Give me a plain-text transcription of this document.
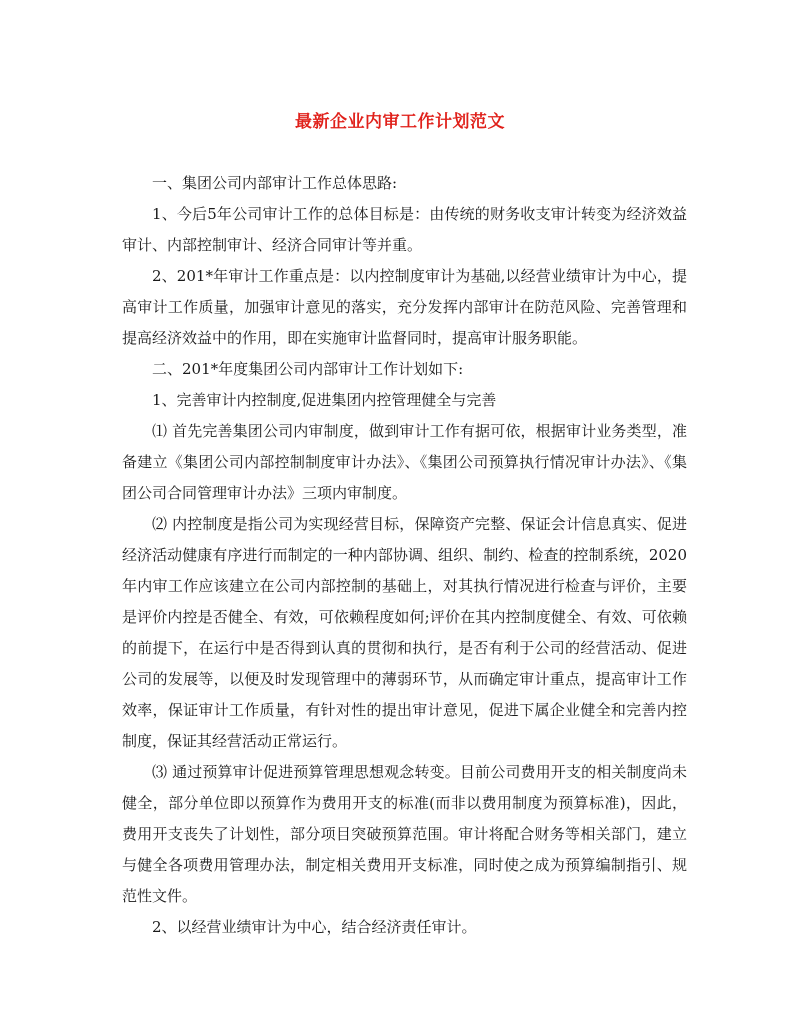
最新企业内审工作计划范文

一、集团公司内部审计工作总体思路:

1、今后5年公司审计工作的总体目标是：由传统的财务收支审计转变为经济效益审计、内部控制审计、经济合同审计等并重。

2、201*年审计工作重点是：以内控制度审计为基础,以经营业绩审计为中心，提高审计工作质量，加强审计意见的落实，充分发挥内部审计在防范风险、完善管理和提高经济效益中的作用，即在实施审计监督同时，提高审计服务职能。

二、201*年度集团公司内部审计工作计划如下:

1、完善审计内控制度,促进集团内控管理健全与完善

⑴ 首先完善集团公司内审制度，做到审计工作有据可依，根据审计业务类型，准备建立《集团公司内部控制制度审计办法》、《集团公司预算执行情况审计办法》、《集团公司合同管理审计办法》三项内审制度。

⑵ 内控制度是指公司为实现经营目标，保障资产完整、保证会计信息真实、促进经济活动健康有序进行而制定的一种内部协调、组织、制约、检查的控制系统，2020年内审工作应该建立在公司内部控制的基础上，对其执行情况进行检查与评价，主要是评价内控是否健全、有效，可依赖程度如何;评价在其内控制度健全、有效、可依赖的前提下，在运行中是否得到认真的贯彻和执行，是否有利于公司的经营活动、促进公司的发展等，以便及时发现管理中的薄弱环节，从而确定审计重点，提高审计工作效率，保证审计工作质量，有针对性的提出审计意见，促进下属企业健全和完善内控制度，保证其经营活动正常运行。

⑶ 通过预算审计促进预算管理思想观念转变。目前公司费用开支的相关制度尚未健全，部分单位即以预算作为费用开支的标准(而非以费用制度为预算标准)，因此，费用开支丧失了计划性，部分项目突破预算范围。审计将配合财务等相关部门，建立与健全各项费用管理办法，制定相关费用开支标准，同时使之成为预算编制指引、规范性文件。

2、以经营业绩审计为中心，结合经济责任审计。
